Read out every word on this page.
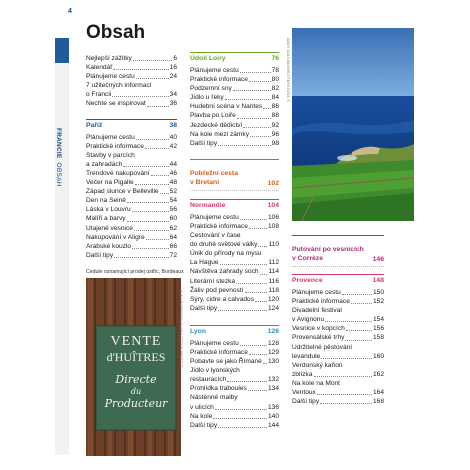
4
FRANCIE  OBSAH
Obsah
Nejlepší zážitky	6
Kalendář	16
Plánujeme cestu	24
7 užitečných informací
o Francii	34
Nechte se inspirovat	36
Paříž	38
Plánujeme cestu	40
Praktické informace	42
Stavby v parcích
a zahradách	44
Trendové nakupování	46
Večer na Pigalle	48
Západ slunce v Belleville 52
Den na Seině	54
Láska v Louvru	56
Malíři a barvy	60
Utajené vesnice	62
Nakupování v Aligre	64
Arabské kouzlo	66
Další tipy	72
Údolí Loiry	76
Plánujeme cestu	78
Praktické informace	80
Podzemní sny	82
Jídlo u řeky	84
Hudební scéna v Nantes 86
Plavba po Loiře	88
Jezdecké dědictví	92
Na kole mezi zámky	96
Další tipy	98
Pobřežní cesta
v Bretani	102
Normandie	104
Plánujeme cestu	106
Praktické informace	108
Cestování v čase
do druhé světové války 110
Únik do přírody na mysu
La Hague	112
Návštěva zahrady soch 114
Literární stezka	116
Žáliv pod pevností	118
Sýry, cidre a calvados 120
Další tipy	124
Lyon	126
Plánujeme cestu	128
Praktické informace	129
Pobavte se jako Římané 130
Jídlo v lyonských
restauracích	132
Prohlídka traboules	134
Nástěnné malby
v ulicích	136
Na kole	140
Další tipy	144
Putování po vesnicích
v Corrèze	146
Provence	148
Plánujeme cestu	150
Praktické informace	152
Divadelní festival
v Avignonu	154
Vesnice v kopcích	156
Provensálské trhy	158
Udržitelné pěstování
levandule	160
Verdonský kaňon
zblízka	162
Na kole na Mont
Ventoux	164
Další tipy	168
ANDY GALIVAN/SHUTTERSTOCK ©
Cedule oznamující prodej ústřic, Bordeaux
VENTE
d'HUÎTRES
Directe
du
Producteur
ALEX ROBINSON/ALAMY STOCK PHOTO ©
